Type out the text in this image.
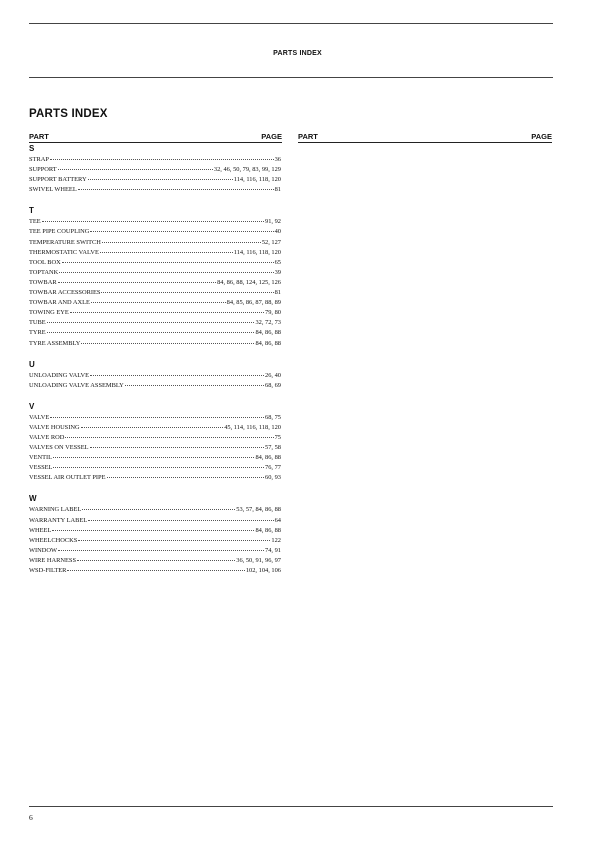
PARTS INDEX
PARTS INDEX
PART	PAGE PART	PAGE
S
STRAP	36
SUPPORT	32, 46, 50, 79, 83, 99, 129
SUPPORT BATTERY	114, 116, 118, 120
SWIVEL WHEEL	81
T
TEE	91, 92
TEE PIPE COUPLING	40
TEMPERATURE SWITCH	52, 127
THERMOSTATIC VALVE	114, 116, 118, 120
TOOL BOX	65
TOPTANK	39
TOWBAR	84, 86, 88, 124, 125, 126
TOWBAR ACCESSORIES	81
TOWBAR AND AXLE	84, 85, 86, 87, 88, 89
TOWING EYE	79, 80
TUBE	32, 72, 73
TYRE	84, 86, 88
TYRE ASSEMBLY	84, 86, 88
U
UNLOADING VALVE	26, 40
UNLOADING VALVE ASSEMBLY	68, 69
V
VALVE	68, 75
VALVE HOUSING	45, 114, 116, 118, 120
VALVE ROD	75
VALVES ON VESSEL	57, 58
VENTIL	84, 86, 88
VESSEL	76, 77
VESSEL AIR OUTLET PIPE	60, 93
W
WARNING LABEL	53, 57, 84, 86, 88
WARRANTY LABEL	64
WHEEL	84, 86, 88
WHEELCHOCKS	122
WINDOW	74, 91
WIRE HARNESS	36, 50, 91, 96, 97
WSD-FILTER	102, 104, 106
6
